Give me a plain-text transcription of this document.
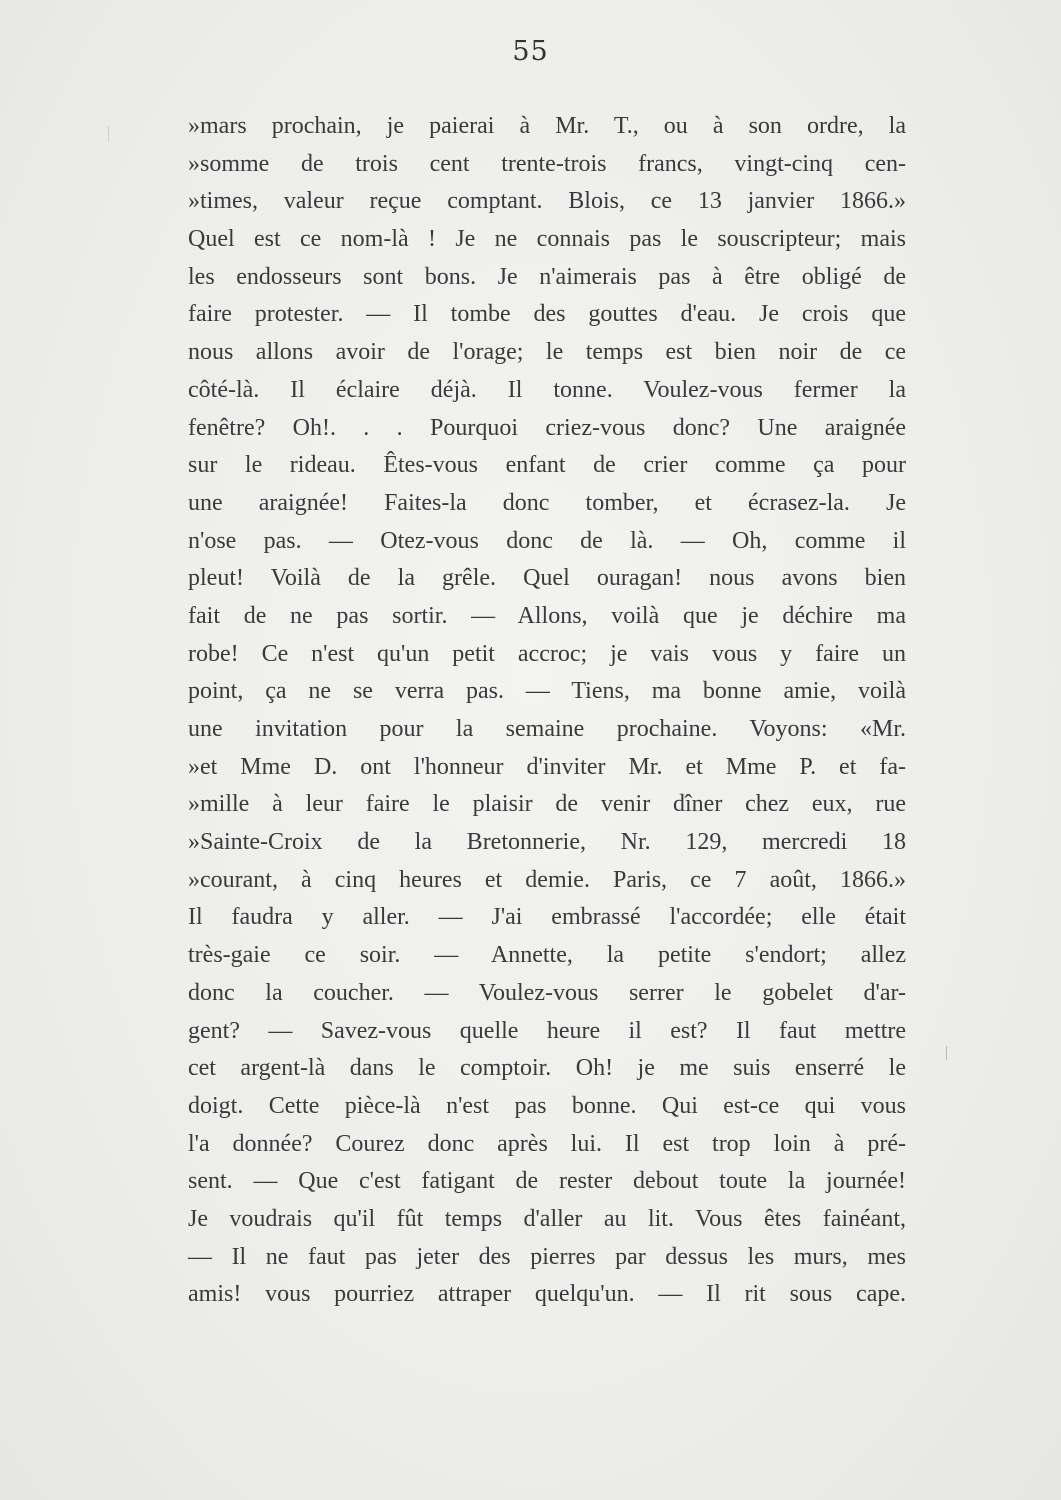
55
»mars prochain, je paierai à Mr. T., ou à son ordre, la
»somme de trois cent trente-trois francs, vingt-cinq cen-
»times, valeur reçue comptant. Blois, ce 13 janvier 1866.»
Quel est ce nom-là ! Je ne connais pas le souscripteur; mais
les endosseurs sont bons. Je n'aimerais pas à être obligé de
faire protester. — Il tombe des gouttes d'eau. Je crois que
nous allons avoir de l'orage; le temps est bien noir de ce
côté-là. Il éclaire déjà. Il tonne. Voulez-vous fermer la
fenêtre? Oh!. . . Pourquoi criez-vous donc? Une araignée
sur le rideau. Êtes-vous enfant de crier comme ça pour
une araignée! Faites-la donc tomber, et écrasez-la. Je
n'ose pas. — Otez-vous donc de là. — Oh, comme il
pleut! Voilà de la grêle. Quel ouragan! nous avons bien
fait de ne pas sortir. — Allons, voilà que je déchire ma
robe! Ce n'est qu'un petit accroc; je vais vous y faire un
point, ça ne se verra pas. — Tiens, ma bonne amie, voilà
une invitation pour la semaine prochaine. Voyons: «Mr.
»et Mme D. ont l'honneur d'inviter Mr. et Mme P. et fa-
»mille à leur faire le plaisir de venir dîner chez eux, rue
»Sainte-Croix de la Bretonnerie, Nr. 129, mercredi 18
»courant, à cinq heures et demie. Paris, ce 7 août, 1866.»
Il faudra y aller. — J'ai embrassé l'accordée; elle était
très-gaie ce soir. — Annette, la petite s'endort; allez
donc la coucher. — Voulez-vous serrer le gobelet d'ar-
gent? — Savez-vous quelle heure il est? Il faut mettre
cet argent-là dans le comptoir. Oh! je me suis enserré le
doigt. Cette pièce-là n'est pas bonne. Qui est-ce qui vous
l'a donnée? Courez donc après lui. Il est trop loin à pré-
sent. — Que c'est fatigant de rester debout toute la journée!
Je voudrais qu'il fût temps d'aller au lit. Vous êtes fainéant,
— Il ne faut pas jeter des pierres par dessus les murs, mes
amis! vous pourriez attraper quelqu'un. — Il rit sous cape.
